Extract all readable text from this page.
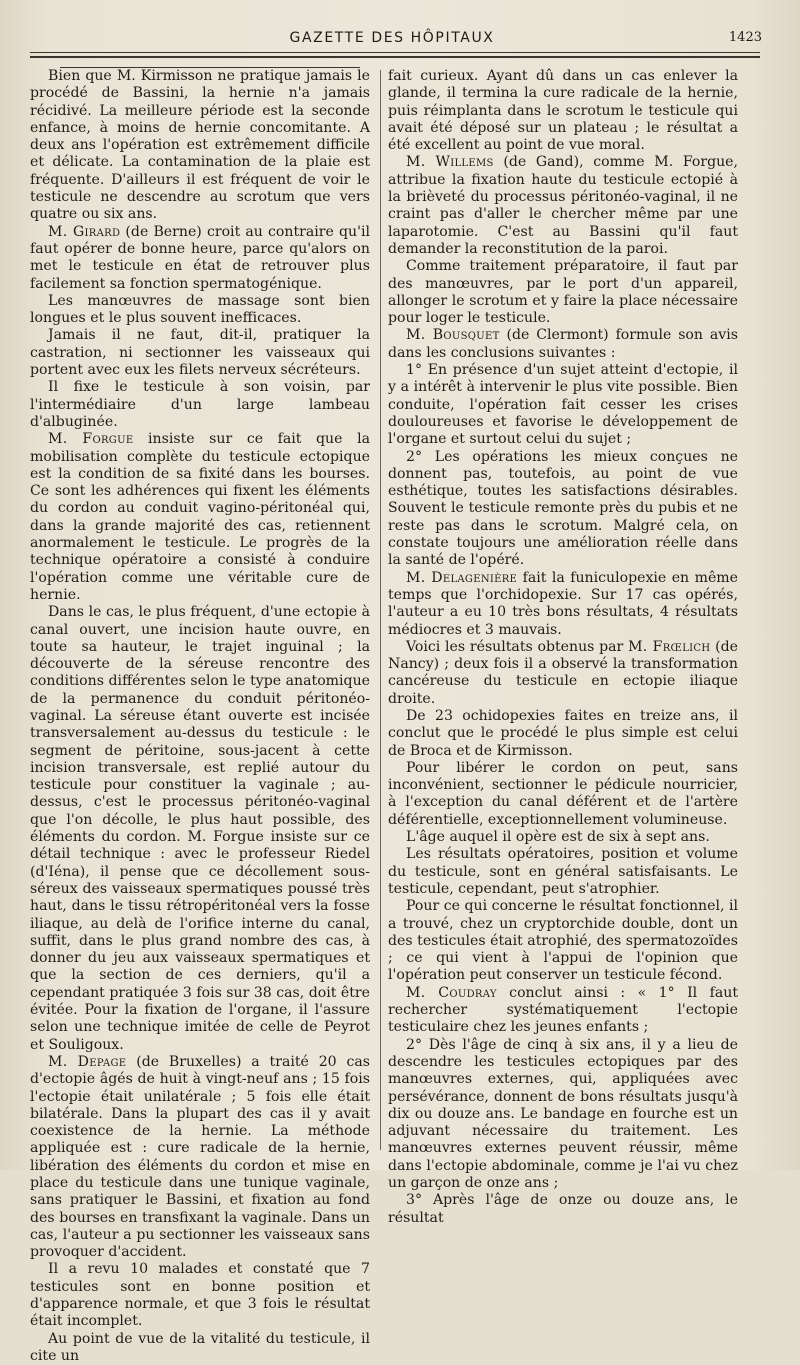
GAZETTE DES HÔPITAUX	1423

Bien que M. Kirmisson ne pratique jamais le procédé de Bassini, la hernie n'a jamais récidivé. La meilleure période est la seconde enfance, à moins de hernie concomitante. A deux ans l'opération est extrêmement difficile et délicate. La contamination de la plaie est fréquente. D'ailleurs il est fréquent de voir le testicule ne descendre au scrotum que vers quatre ou six ans.

M. Girard (de Berne) croit au contraire qu'il faut opérer de bonne heure, parce qu'alors on met le testicule en état de retrouver plus facilement sa fonction spermatogénique.

Les manœuvres de massage sont bien longues et le plus souvent inefficaces.

Jamais il ne faut, dit-il, pratiquer la castration, ni sectionner les vaisseaux qui portent avec eux les filets nerveux sécréteurs.

Il fixe le testicule à son voisin, par l'intermédiaire d'un large lambeau d'albuginée.

M. Forgue insiste sur ce fait que la mobilisation complète du testicule ectopique est la condition de sa fixité dans les bourses. Ce sont les adhérences qui fixent les éléments du cordon au conduit vagino-péritonéal qui, dans la grande majorité des cas, retiennent anormalement le testicule. Le progrès de la technique opératoire a consisté à conduire l'opération comme une véritable cure de hernie.

Dans le cas, le plus fréquent, d'une ectopie à canal ouvert, une incision haute ouvre, en toute sa hauteur, le trajet inguinal ; la découverte de la séreuse rencontre des conditions différentes selon le type anatomique de la permanence du conduit péritonéo-vaginal. La séreuse étant ouverte est incisée transversalement au-dessus du testicule : le segment de péritoine, sous-jacent à cette incision transversale, est replié autour du testicule pour constituer la vaginale ; au-dessus, c'est le processus péritonéo-vaginal que l'on décolle, le plus haut possible, des éléments du cordon. M. Forgue insiste sur ce détail technique : avec le professeur Riedel (d'Iéna), il pense que ce décollement sous-séreux des vaisseaux spermatiques poussé très haut, dans le tissu rétropéritonéal vers la fosse iliaque, au delà de l'orifice interne du canal, suffit, dans le plus grand nombre des cas, à donner du jeu aux vaisseaux spermatiques et que la section de ces derniers, qu'il a cependant pratiquée 3 fois sur 38 cas, doit être évitée. Pour la fixation de l'organe, il l'assure selon une technique imitée de celle de Peyrot et Souligoux.

M. Depage (de Bruxelles) a traité 20 cas d'ectopie âgés de huit à vingt-neuf ans ; 15 fois l'ectopie était unilatérale ; 5 fois elle était bilatérale. Dans la plupart des cas il y avait coexistence de la hernie. La méthode appliquée est : cure radicale de la hernie, libération des éléments du cordon et mise en place du testicule dans une tunique vaginale, sans pratiquer le Bassini, et fixation au fond des bourses en transfixant la vaginale. Dans un cas, l'auteur a pu sectionner les vaisseaux sans provoquer d'accident.

Il a revu 10 malades et constaté que 7 testicules sont en bonne position et d'apparence normale, et que 3 fois le résultat était incomplet.

Au point de vue de la vitalité du testicule, il cite un

fait curieux. Ayant dû dans un cas enlever la glande, il termina la cure radicale de la hernie, puis réimplanta dans le scrotum le testicule qui avait été déposé sur un plateau ; le résultat a été excellent au point de vue moral.

M. Willems (de Gand), comme M. Forgue, attribue la fixation haute du testicule ectopié à la brièveté du processus péritonéo-vaginal, il ne craint pas d'aller le chercher même par une laparotomie. C'est au Bassini qu'il faut demander la reconstitution de la paroi.

Comme traitement préparatoire, il faut par des manœuvres, par le port d'un appareil, allonger le scrotum et y faire la place nécessaire pour loger le testicule.

M. Bousquet (de Clermont) formule son avis dans les conclusions suivantes :

1° En présence d'un sujet atteint d'ectopie, il y a intérêt à intervenir le plus vite possible. Bien conduite, l'opération fait cesser les crises douloureuses et favorise le développement de l'organe et surtout celui du sujet ;

2° Les opérations les mieux conçues ne donnent pas, toutefois, au point de vue esthétique, toutes les satisfactions désirables. Souvent le testicule remonte près du pubis et ne reste pas dans le scrotum. Malgré cela, on constate toujours une amélioration réelle dans la santé de l'opéré.

M. Delagenière fait la funiculopexie en même temps que l'orchidopexie. Sur 17 cas opérés, l'auteur a eu 10 très bons résultats, 4 résultats médiocres et 3 mauvais.

Voici les résultats obtenus par M. Frœlich (de Nancy) ; deux fois il a observé la transformation cancéreuse du testicule en ectopie iliaque droite.

De 23 ochidopexies faites en treize ans, il conclut que le procédé le plus simple est celui de Broca et de Kirmisson.

Pour libérer le cordon on peut, sans inconvénient, sectionner le pédicule nourricier, à l'exception du canal déférent et de l'artère déférentielle, exceptionnellement volumineuse.

L'âge auquel il opère est de six à sept ans.

Les résultats opératoires, position et volume du testicule, sont en général satisfaisants. Le testicule, cependant, peut s'atrophier.

Pour ce qui concerne le résultat fonctionnel, il a trouvé, chez un cryptorchide double, dont un des testicules était atrophié, des spermatozoïdes ; ce qui vient à l'appui de l'opinion que l'opération peut conserver un testicule fécond.

M. Coudray conclut ainsi : « 1° Il faut rechercher systématiquement l'ectopie testiculaire chez les jeunes enfants ;

2° Dès l'âge de cinq à six ans, il y a lieu de descendre les testicules ectopiques par des manœuvres externes, qui, appliquées avec persévérance, donnent de bons résultats jusqu'à dix ou douze ans. Le bandage en fourche est un adjuvant nécessaire du traitement. Les manœuvres externes peuvent réussir, même dans l'ectopie abdominale, comme je l'ai vu chez un garçon de onze ans ;

3° Après l'âge de onze ou douze ans, le résultat
